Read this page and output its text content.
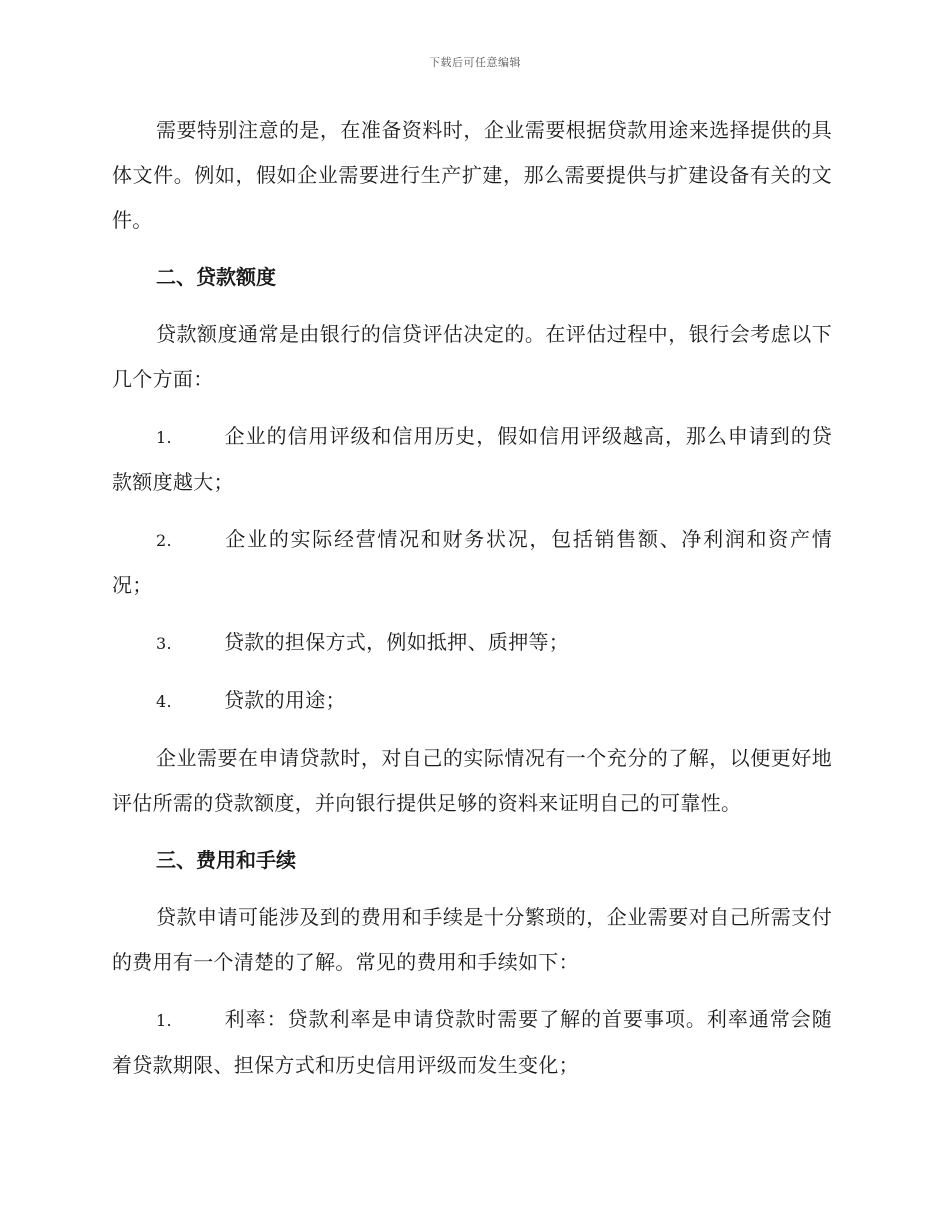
下载后可任意编辑

需要特别注意的是，在准备资料时，企业需要根据贷款用途来选择提供的具体文件。例如，假如企业需要进行生产扩建，那么需要提供与扩建设备有关的文件。

二、贷款额度

贷款额度通常是由银行的信贷评估决定的。在评估过程中，银行会考虑以下几个方面：

1.	企业的信用评级和信用历史，假如信用评级越高，那么申请到的贷款额度越大；

2.	企业的实际经营情况和财务状况，包括销售额、净利润和资产情况；

3.	贷款的担保方式，例如抵押、质押等；

4.	贷款的用途；

企业需要在申请贷款时，对自己的实际情况有一个充分的了解，以便更好地评估所需的贷款额度，并向银行提供足够的资料来证明自己的可靠性。

三、费用和手续

贷款申请可能涉及到的费用和手续是十分繁琐的，企业需要对自己所需支付的费用有一个清楚的了解。常见的费用和手续如下：

1.	利率：贷款利率是申请贷款时需要了解的首要事项。利率通常会随着贷款期限、担保方式和历史信用评级而发生变化；
